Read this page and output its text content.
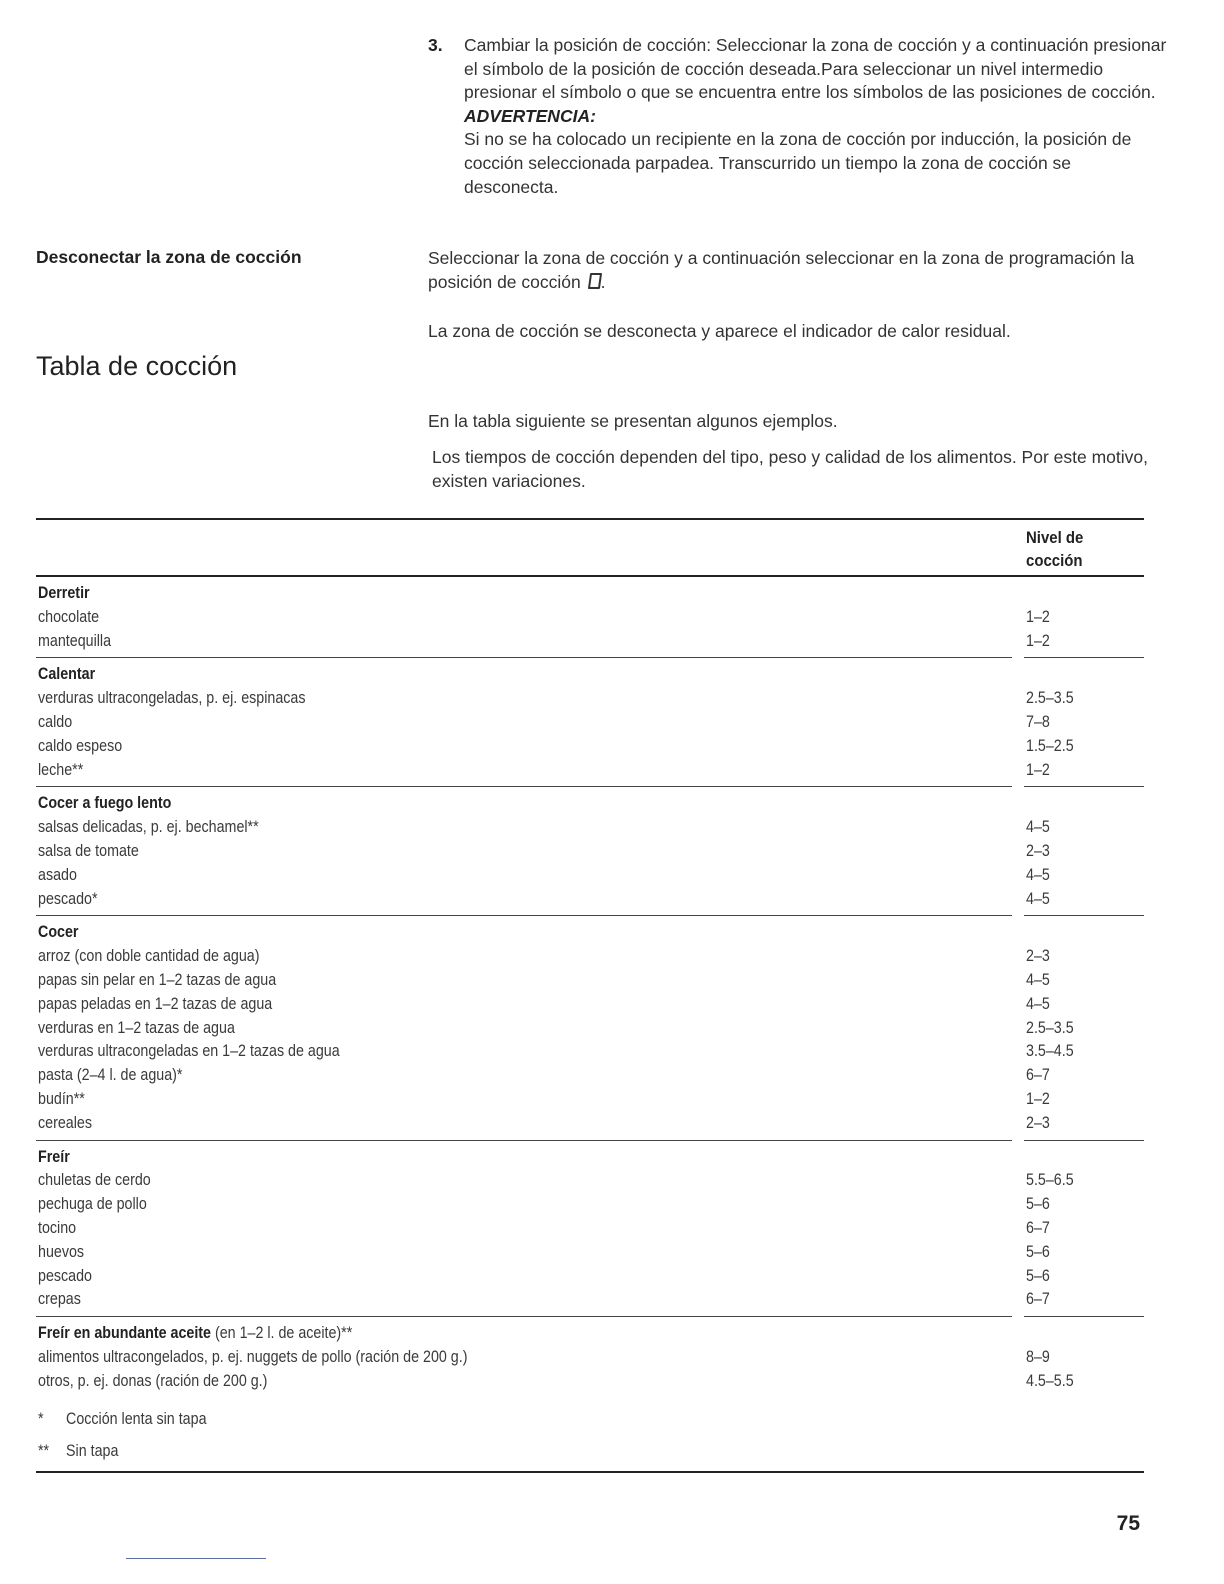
3. Cambiar la posición de cocción: Seleccionar la zona de cocción y a continuación presionar el símbolo de la posición de cocción deseada.Para seleccionar un nivel intermedio presionar el símbolo o que se encuentra entre los símbolos de las posiciones de cocción.
ADVERTENCIA:
Si no se ha colocado un recipiente en la zona de cocción por inducción, la posición de cocción seleccionada parpadea. Transcurrido un tiempo la zona de cocción se desconecta.
Desconectar la zona de cocción	Seleccionar la zona de cocción y a continuación seleccionar en la zona de programación la posición de cocción .
La zona de cocción se desconecta y aparece el indicador de calor residual.
Tabla de cocción
En la tabla siguiente se presentan algunos ejemplos.
Los tiempos de cocción dependen del tipo, peso y calidad de los alimentos. Por este motivo, existen variaciones.
Nivel de
cocción
Derretir
chocolate	1–2
mantequilla	1–2
Calentar
verduras ultracongeladas, p. ej. espinacas	2.5–3.5
caldo	7–8
caldo espeso	1.5–2.5
leche**	1–2
Cocer a fuego lento
salsas delicadas, p. ej. bechamel**	4–5
salsa de tomate	2–3
asado	4–5
pescado*	4–5
Cocer
arroz (con doble cantidad de agua)	2–3
papas sin pelar en 1–2 tazas de agua	4–5
papas peladas en 1–2 tazas de agua	4–5
verduras en 1–2 tazas de agua	2.5–3.5
verduras ultracongeladas en 1–2 tazas de agua	3.5–4.5
pasta (2–4 l. de agua)*	6–7
budín**	1–2
cereales	2–3
Freír
chuletas de cerdo	5.5–6.5
pechuga de pollo	5–6
tocino	6–7
huevos	5–6
pescado	5–6
crepas	6–7
Freír en abundante aceite (en 1–2 l. de aceite)**
alimentos ultracongelados, p. ej. nuggets de pollo (ración de 200 g.)	8–9
otros, p. ej. donas (ración de 200 g.)	4.5–5.5
* Cocción lenta sin tapa
** Sin tapa
75
